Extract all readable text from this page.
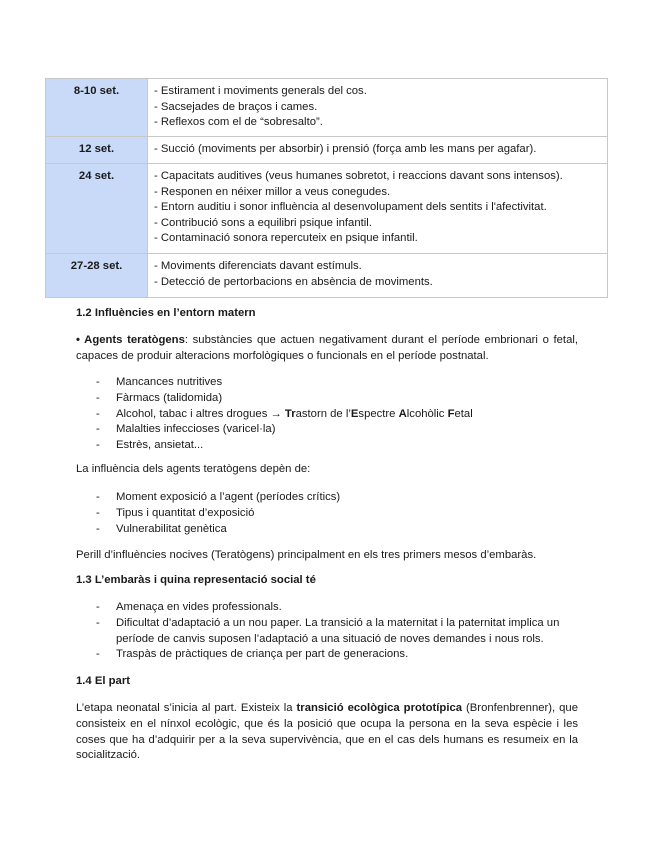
8-10 set.	- Estirament i moviments generals del cos.
- Sacsejades de braços i cames.
- Reflexos com el de “sobresalto”.

12 set.	- Succió (moviments per absorbir) i prensió (força amb les mans per agafar).

24 set.	- Capacitats auditives (veus humanes sobretot, i reaccions davant sons intensos).
- Responen en néixer millor a veus conegudes.
- Entorn auditiu i sonor influència al desenvolupament dels sentits i l'afectivitat.
- Contribució sons a equilibri psique infantil.
- Contaminació sonora repercuteix en psique infantil.

27-28 set.	- Moviments diferenciats davant estímuls.
- Detecció de pertorbacions en absència de moviments.
1.2 Influències en l’entorn matern
• Agents teratògens: substàncies que actuen negativament durant el període embrionari o fetal, capaces de produir alteracions morfològiques o funcionals en el període postnatal.
- Mancances nutritives
- Fàrmacs (talidomida)
- Alcohol, tabac i altres drogues → Trastorn de l’Espectre Alcohòlic Fetal
- Malalties infeccioses (varicel·la)
- Estrès, ansietat...
La influència dels agents teratògens depèn de:
- Moment exposició a l’agent (períodes crítics)
- Tipus i quantitat d’exposició
- Vulnerabilitat genètica
Perill d’influències nocives (Teratògens) principalment en els tres primers mesos d’embaràs.
1.3 L’embaràs i quina representació social té
- Amenaça en vides professionals.
- Dificultat d’adaptació a un nou paper. La transició a la maternitat i la paternitat implica un període de canvis suposen l’adaptació a una situació de noves demandes i nous rols.
- Traspàs de pràctiques de criança per part de generacions.
1.4 El part
L’etapa neonatal s’inicia al part. Existeix la transició ecològica prototípica (Bronfenbrenner), que consisteix en el nínxol ecològic, que és la posició que ocupa la persona en la seva espècie i les coses que ha d’adquirir per a la seva supervivència, que en el cas dels humans es resumeix en la socialització.
